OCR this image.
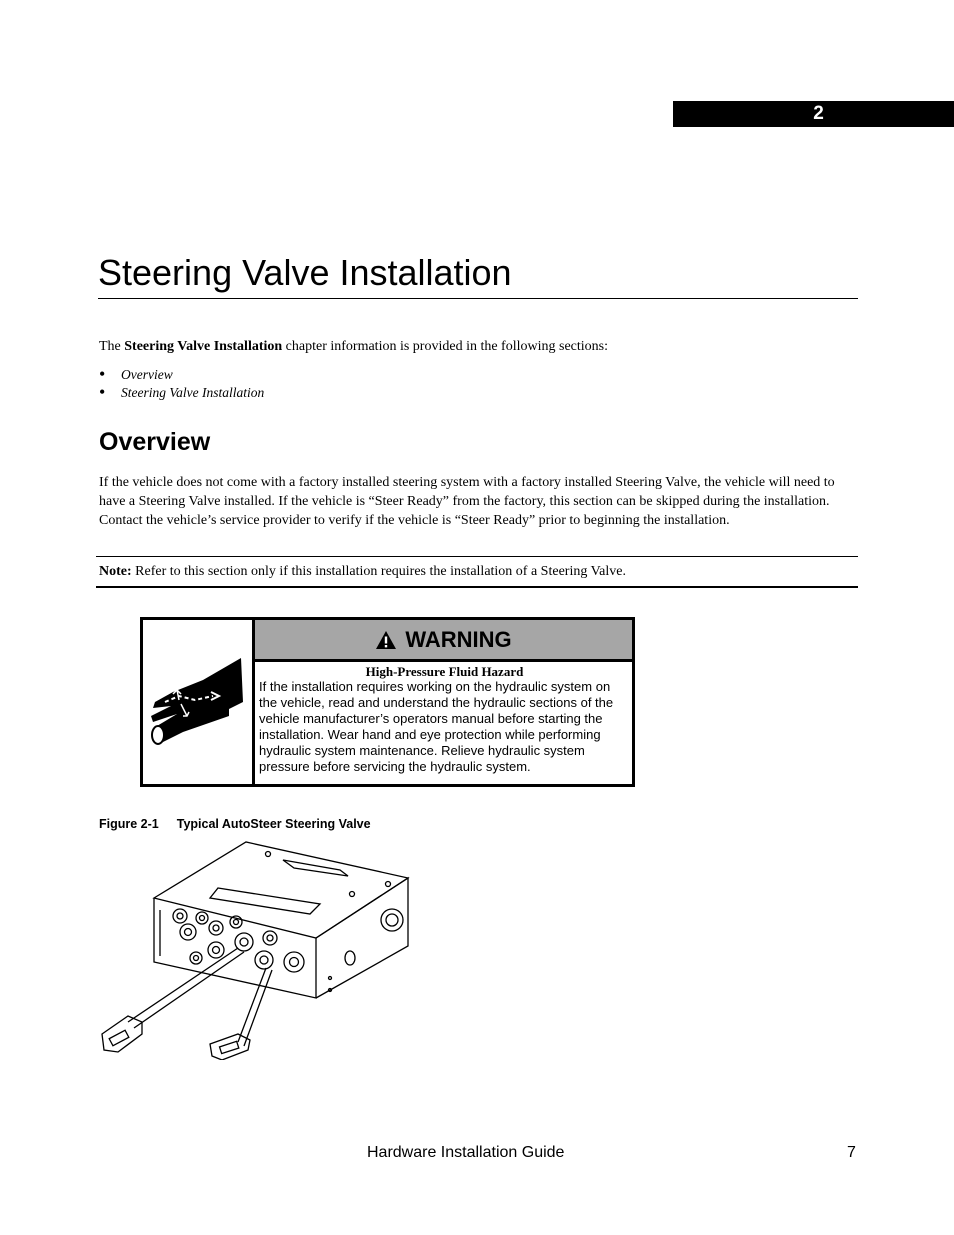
2
Steering Valve Installation

The Steering Valve Installation chapter information is provided in the following sections:

•	Overview
•	Steering Valve Installation
Overview

If the vehicle does not come with a factory installed steering system with a factory installed Steering Valve, the vehicle will need to have a Steering Valve installed. If the vehicle is “Steer Ready” from the factory, this section can be skipped during the installation. Contact the vehicle’s service provider to verify if the vehicle is “Steer Ready” prior to beginning the installation.

Note: Refer to this section only if this installation requires the installation of a Steering Valve.
WARNING

High-Pressure Fluid Hazard

If the installation requires working on the hydraulic system on the vehicle, read and understand the hydraulic sections of the vehicle manufacturer’s operators manual before starting the installation. Wear hand and eye protection while performing hydraulic system maintenance. Relieve hydraulic system pressure before servicing the hydraulic system.

Figure 2-1 Typical AutoSteer Steering Valve

Hardware Installation Guide	7
